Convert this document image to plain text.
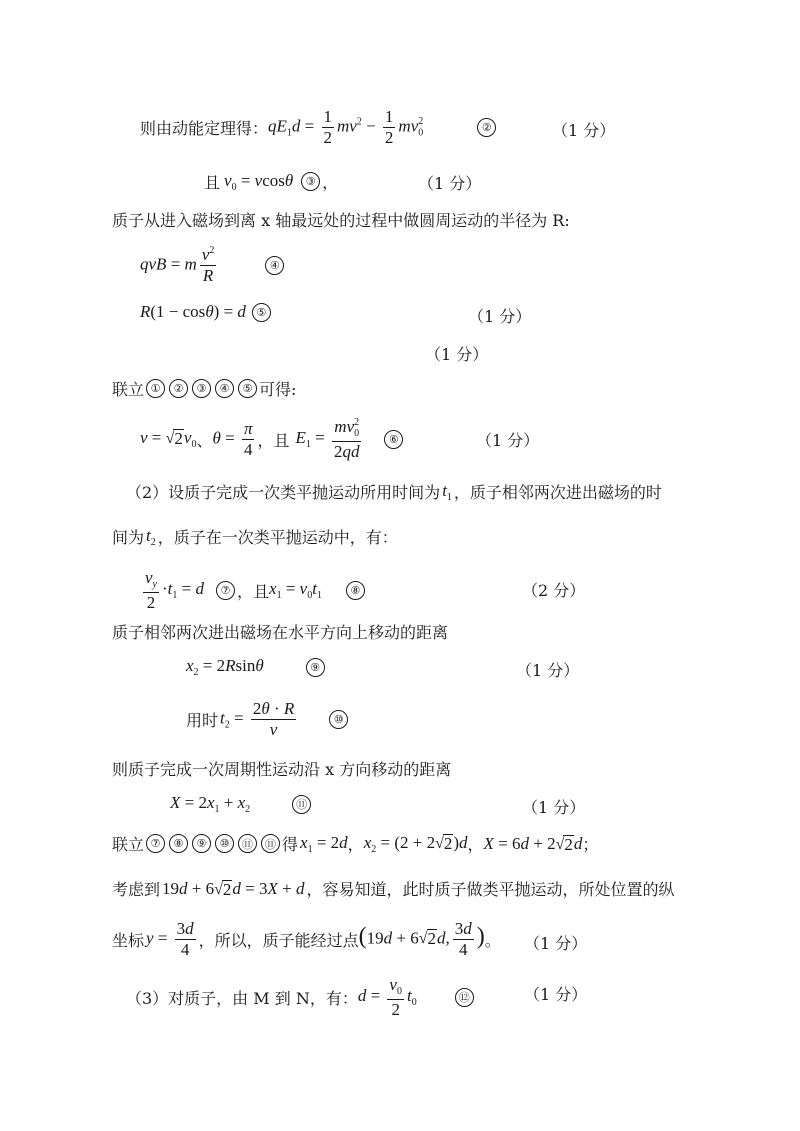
则由动能定理得： $qE_1d = \frac{1}{2} mv^2 - \frac{1}{2} mv_0^2$
②	（1 分）
且 $v_0 = vcos\theta$	③ ，	（1 分）
质子从进入磁场到离 x 轴最远处的过程中做圆周运动的半径为 R:
qvB = m $\frac{v^2}{R}$	④
R(1 − cosθ) = d ⑤	（1 分）
（1 分）
联立 ①	②	③	④	⑤ 可得:
v = √ 2 $v_0$ 、 $\theta = \frac{\pi}{4}$ ，且 $E_1 = \frac{mv_0^2}{2qd}$	⑥	（1 分）
（2）设质子完成一次类平抛运动所用时间为 $t_1$ ，质子相邻两次进出磁场的时
间为 $t_2$ ，质子在一次类平抛运动中，有：
$\frac{v_y}{2} \cdot t_1 = d$	⑦ ，且 $x_1 = v_0t_1$	⑧	（2 分）
质子相邻两次进出磁场在水平方向上移动的距离
$x_2 = 2Rsin\theta$	⑨	（1 分）
用时 $t_2 = \frac{2\theta \cdot R}{v}$	⑩
则质子完成一次周期性运动沿 x 方向移动的距离
$X = 2x_1 + x_2$	⑪	（1 分）
联立 ⑦	⑧	⑨	⑩	⑪	⑪ 得 $x_1 = 2d$ ， $x_2 = (2 + 2$ √ 2 )d ， X = 6d + 2 √ 2 d ；
考虑到 19d + 6 √ 2 d = 3X + d ，容易知道，此时质子做类平抛运动，所处位置的纵
坐标 $y = \frac{3d}{4}$ ，所以，质子能经过点 (19d + 6 √ 2 d, $\frac{3d}{4}$ ) 。 （1 分）
（3）对质子，由 M 到 N，有： $d = \frac{v_0}{2} t_0$	⑫	（1 分）
